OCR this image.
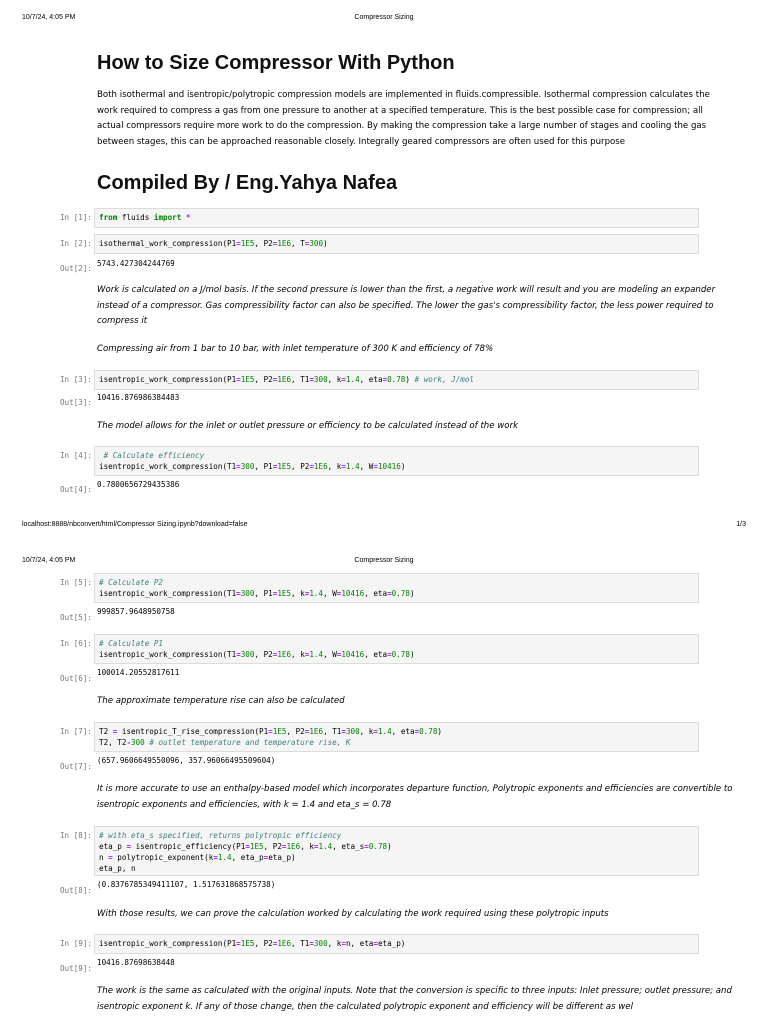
10/7/24, 4:05 PM	Compressor Sizing
How to Size Compressor With Python
Both isothermal and isentropic/polytropic compression models are implemented in fluids.compressible. Isothermal compression calculates the
work required to compress a gas from one pressure to another at a specified temperature. This is the best possible case for compression; all
actual compressors require more work to do the compression. By making the compression take a large number of stages and cooling the gas
between stages, this can be approached reasonable closely. Integrally geared compressors are often used for this purpose
Compiled By / Eng.Yahya Nafea
In [1]: from fluids import *
In [2]: isothermal_work_compression(P1=1E5, P2=1E6, T=300)
Out[2]:
5743.427304244769
Work is calculated on a J/mol basis. If the second pressure is lower than the first, a negative work will result and you are modeling an expander
instead of a compressor. Gas compressibility factor can also be specified. The lower the gas's compressibility factor, the less power required to
compress it
Compressing air from 1 bar to 10 bar, with inlet temperature of 300 K and efficiency of 78%
In [3]: isentropic_work_compression(P1=1E5, P2=1E6, T1=300, k=1.4, eta=0.78) # work, J/mol
Out[3]:
10416.876986384483
The model allows for the inlet or outlet pressure or efficiency to be calculated instead of the work
In [4]: # Calculate efficiency
isentropic_work_compression(T1=300, P1=1E5, P2=1E6, k=1.4, W=10416)
Out[4]:
0.7800656729435386
localhost:8888/nbconvert/html/Compressor Sizing.ipynb?download=false	1/3
10/7/24, 4:05 PM	Compressor Sizing
In [5]: # Calculate P2
isentropic_work_compression(T1=300, P1=1E5, k=1.4, W=10416, eta=0.78)
Out[5]:
999857.9648950758
In [6]: # Calculate P1
isentropic_work_compression(T1=300, P2=1E6, k=1.4, W=10416, eta=0.78)
Out[6]:
100014.20552817611
The approximate temperature rise can also be calculated
In [7]: T2 = isentropic_T_rise_compression(P1=1E5, P2=1E6, T1=300, k=1.4, eta=0.78)
T2, T2-300 # outlet temperature and temperature rise, K
Out[7]:
(657.9606649550096, 357.96066495509604)
It is more accurate to use an enthalpy-based model which incorporates departure function, Polytropic exponents and efficiencies are convertible to
isentropic exponents and efficiencies, with k = 1.4 and eta_s = 0.78
In [8]: # with eta_s specified, returns polytropic efficiency
eta_p = isentropic_efficiency(P1=1E5, P2=1E6, k=1.4, eta_s=0.78)
n = polytropic_exponent(k=1.4, eta_p=eta_p)
eta_p, n
Out[8]:
(0.8376785349411107, 1.517631868575738)
With those results, we can prove the calculation worked by calculating the work required using these polytropic inputs
In [9]: isentropic_work_compression(P1=1E5, P2=1E6, T1=300, k=n, eta=eta_p)
Out[9]:
10416.87698638448
The work is the same as calculated with the original inputs. Note that the conversion is specific to three inputs: Inlet pressure; outlet pressure; and
isentropic exponent k. If any of those change, then the calculated polytropic exponent and efficiency will be different as wel
